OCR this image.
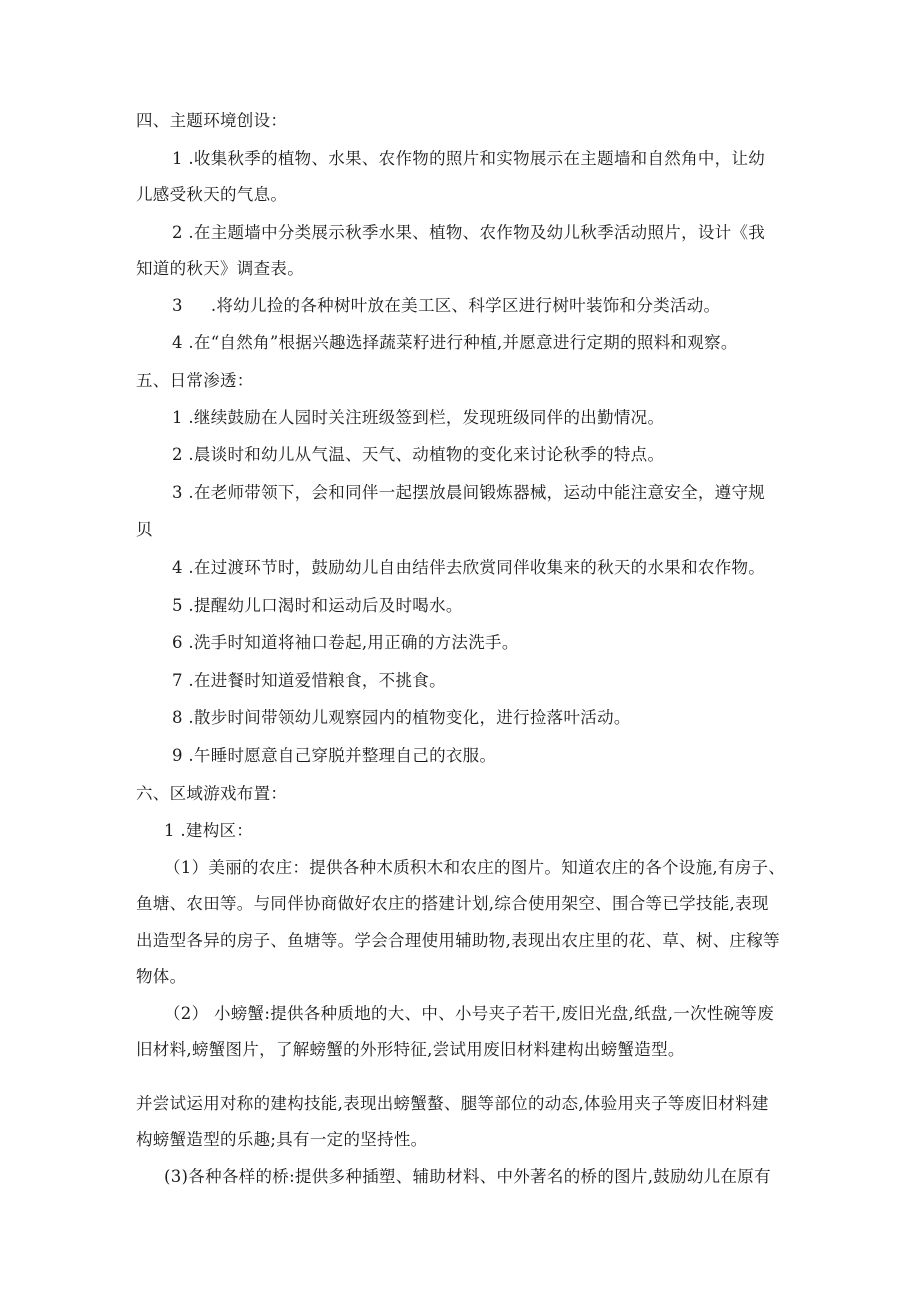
四、主题环境创设：
1 .收集秋季的植物、水果、农作物的照片和实物展示在主题墙和自然角中，让幼
儿感受秋天的气息。
2 .在主题墙中分类展示秋季水果、植物、农作物及幼儿秋季活动照片，设计《我
知道的秋天》调查表。
3 .将幼儿捡的各种树叶放在美工区、科学区进行树叶装饰和分类活动。
4 .在“自然角”根据兴趣选择蔬菜籽进行种植,并愿意进行定期的照料和观察。
五、日常渗透：
1 .继续鼓励在人园时关注班级签到栏，发现班级同伴的出勤情况。
2 .晨谈时和幼儿从气温、天气、动植物的变化来讨论秋季的特点。
3 .在老师带领下，会和同伴一起摆放晨间锻炼器械，运动中能注意安全，遵守规
贝
4 .在过渡环节时，鼓励幼儿自由结伴去欣赏同伴收集来的秋天的水果和农作物。
5 .提醒幼儿口渴时和运动后及时喝水。
6 .洗手时知道将袖口卷起,用正确的方法洗手。
7 .在进餐时知道爱惜粮食，不挑食。
8 .散步时间带领幼儿观察园内的植物变化，进行捡落叶活动。
9 .午睡时愿意自己穿脱并整理自己的衣服。
六、区域游戏布置：
1 .建构区：
（1）美丽的农庄：提供各种木质积木和农庄的图片。知道农庄的各个设施,有房子、
鱼塘、农田等。与同伴协商做好农庄的搭建计划,综合使用架空、围合等已学技能,表现
出造型各异的房子、鱼塘等。学会合理使用辅助物,表现出农庄里的花、草、树、庄稼等
物体。
（2） 小螃蟹:提供各种质地的大、中、小号夹子若干,废旧光盘,纸盘,一次性碗等废
旧材料,螃蟹图片，了解螃蟹的外形特征,尝试用废旧材料建构出螃蟹造型。
并尝试运用对称的建构技能,表现出螃蟹螯、腿等部位的动态,体验用夹子等废旧材料建
构螃蟹造型的乐趣;具有一定的坚持性。
(3)各种各样的桥:提供多种插塑、辅助材料、中外著名的桥的图片,鼓励幼儿在原有
